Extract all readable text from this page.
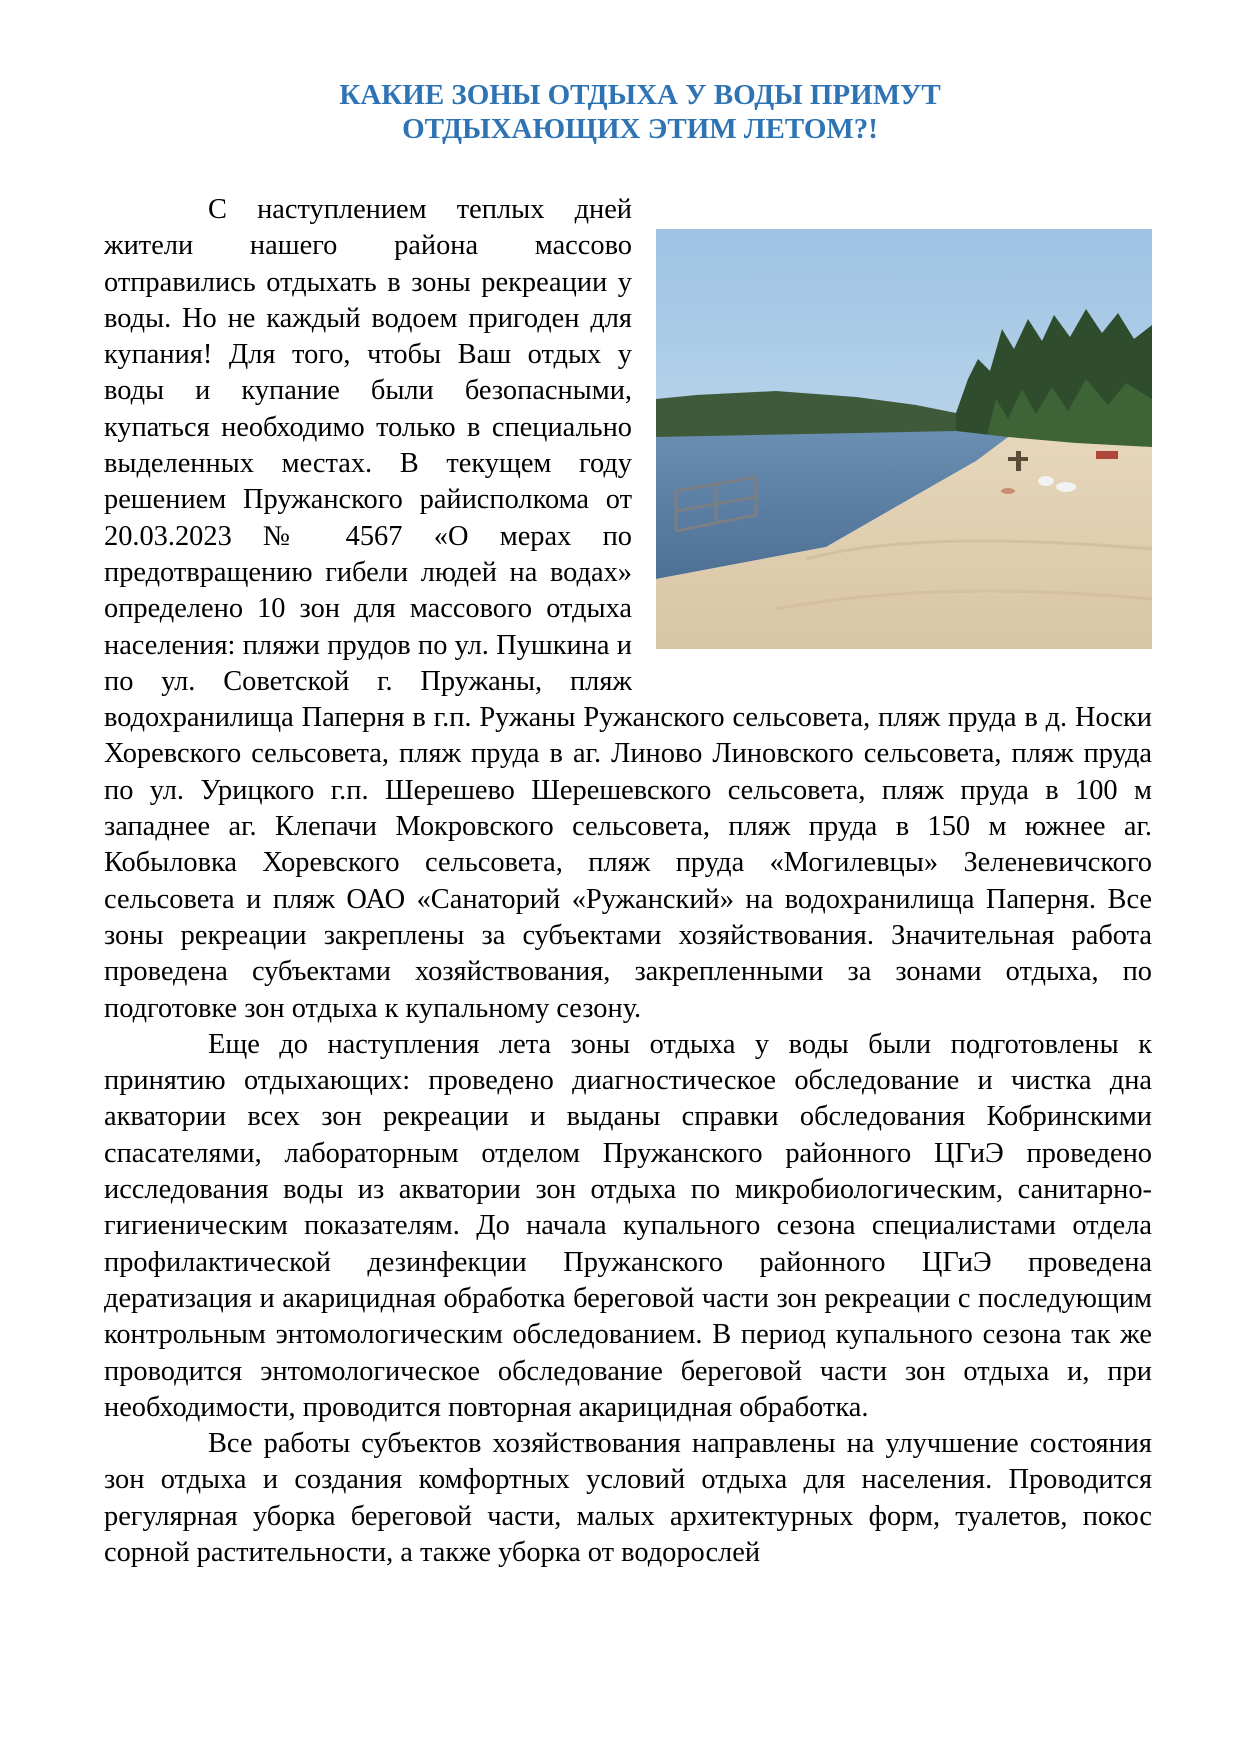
КАКИЕ ЗОНЫ ОТДЫХА У ВОДЫ ПРИМУТ
ОТДЫХАЮЩИХ ЭТИМ ЛЕТОМ?!

С наступлением теплых дней жители нашего района массово отправились отдыхать в зоны рекреации у воды. Но не каждый водоем пригоден для купания! Для того, чтобы Ваш отдых у воды и купание были безопасными, купаться необходимо только в специально выделенных местах. В текущем году решением Пружанского райисполкома от 20.03.2023 № 4567 «О мерах по предотвращению гибели людей на водах» определено 10 зон для массового отдыха населения: пляжи прудов по ул. Пушкина и по ул. Советской г. Пружаны, пляж водохранилища Паперня в г.п. Ружаны Ружанского сельсовета, пляж пруда в д. Носки Хоревского сельсовета, пляж пруда в аг. Линово Линовского сельсовета, пляж пруда по ул. Урицкого г.п. Шерешево Шерешевского сельсовета, пляж пруда в 100 м западнее аг. Клепачи Мокровского сельсовета, пляж пруда в 150 м южнее аг. Кобыловка Хоревского сельсовета, пляж пруда «Могилевцы» Зеленевичского сельсовета и пляж ОАО «Санаторий «Ружанский» на водохранилища Паперня. Все зоны рекреации закреплены за субъектами хозяйствования. Значительная работа проведена субъектами хозяйствования, закрепленными за зонами отдыха, по подготовке зон отдыха к купальному сезону.

Еще до наступления лета зоны отдыха у воды были подготовлены к принятию отдыхающих: проведено диагностическое обследование и чистка дна акватории всех зон рекреации и выданы справки обследования Кобринскими спасателями, лабораторным отделом Пружанского районного ЦГиЭ проведено исследования воды из акватории зон отдыха по микробиологическим, санитарно-гигиеническим показателям. До начала купального сезона специалистами отдела профилактической дезинфекции Пружанского районного ЦГиЭ проведена дератизация и акарицидная обработка береговой части зон рекреации с последующим контрольным энтомологическим обследованием. В период купального сезона так же проводится энтомологическое обследование береговой части зон отдыха и, при необходимости, проводится повторная акарицидная обработка.

Все работы субъектов хозяйствования направлены на улучшение состояния зон отдыха и создания комфортных условий отдыха для населения. Проводится регулярная уборка береговой части, малых архитектурных форм, туалетов, покос сорной растительности, а также уборка от водорослей
